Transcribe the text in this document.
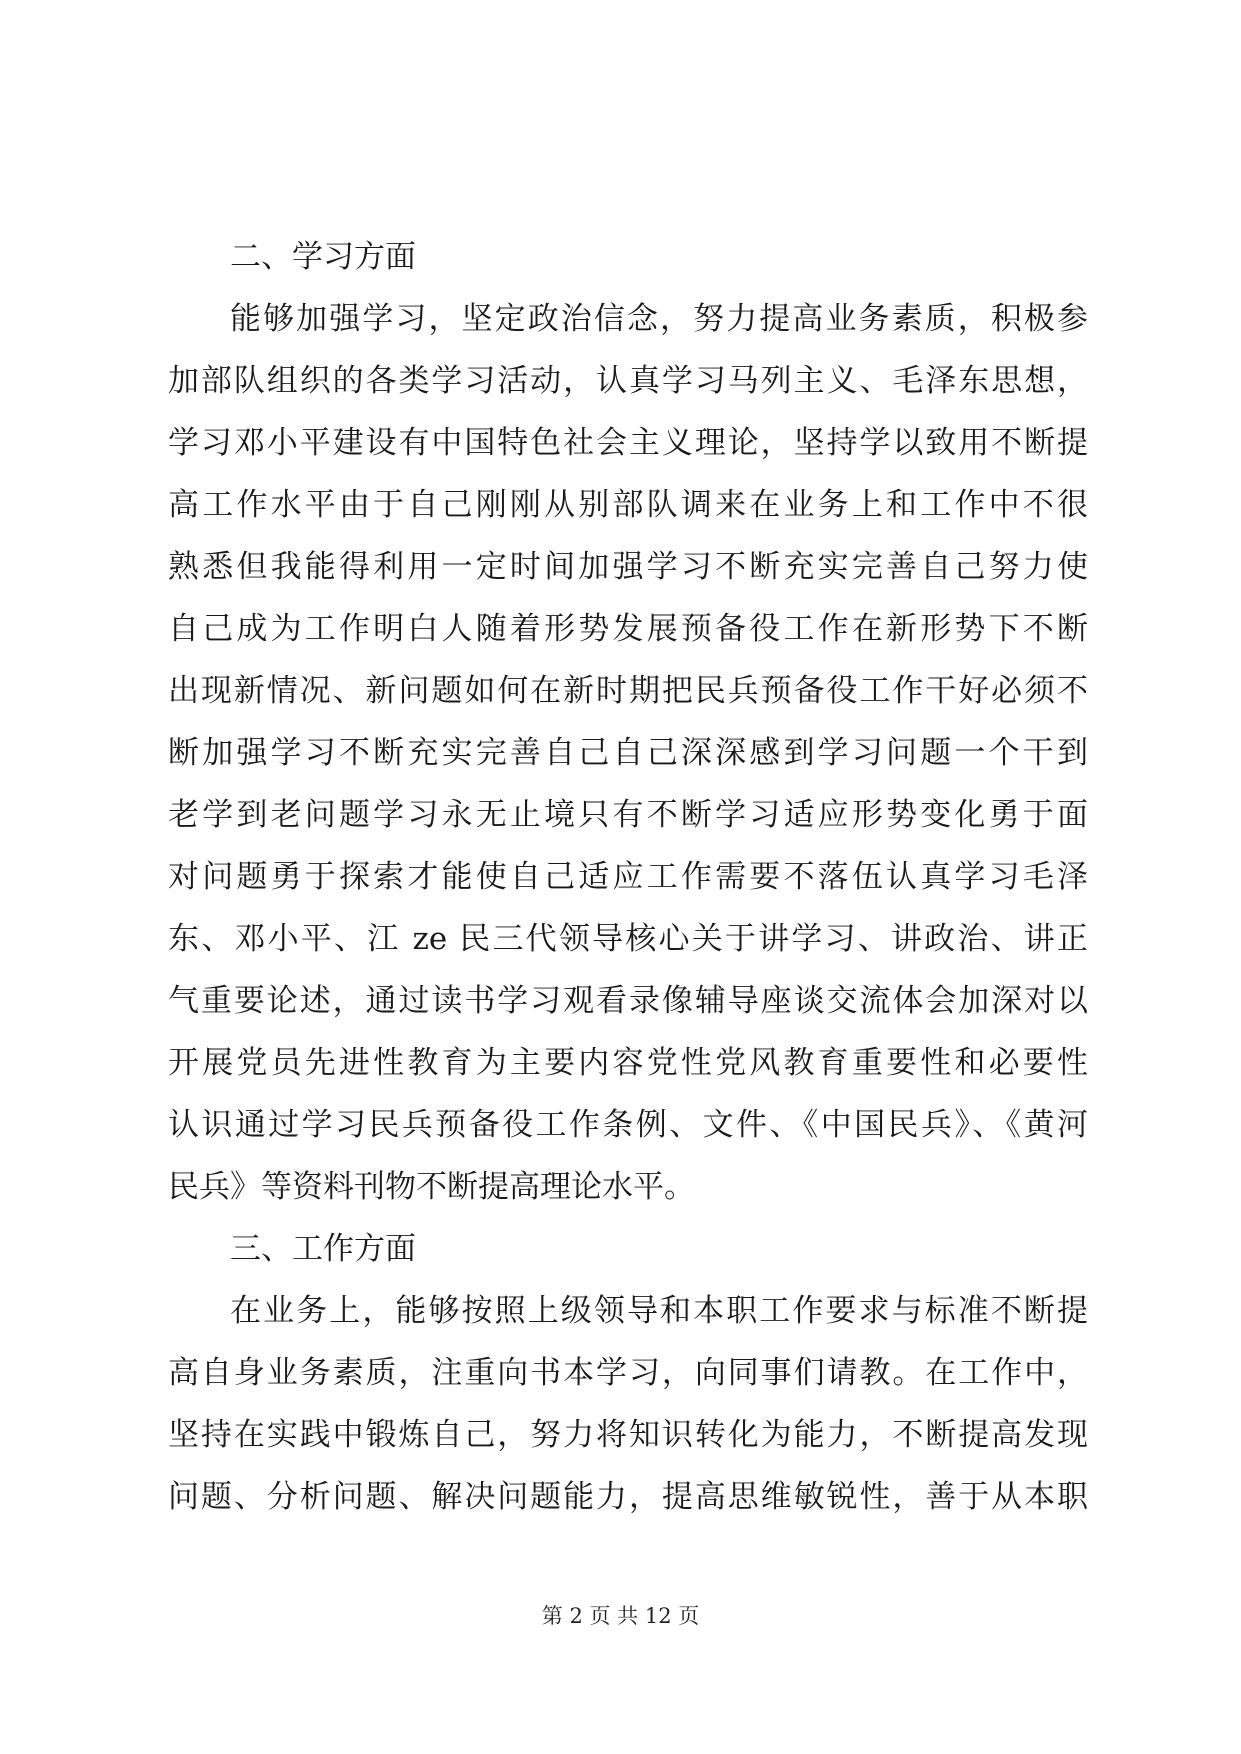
二、学习方面
能够加强学习，坚定政治信念，努力提高业务素质，积极参
加部队组织的各类学习活动，认真学习马列主义、毛泽东思想，
学习邓小平建设有中国特色社会主义理论，坚持学以致用不断提
高工作水平由于自己刚刚从别部队调来在业务上和工作中不很
熟悉但我能得利用一定时间加强学习不断充实完善自己努力使
自己成为工作明白人随着形势发展预备役工作在新形势下不断
出现新情况、新问题如何在新时期把民兵预备役工作干好必须不
断加强学习不断充实完善自己自己深深感到学习问题一个干到
老学到老问题学习永无止境只有不断学习适应形势变化勇于面
对问题勇于探索才能使自己适应工作需要不落伍认真学习毛泽
东、邓小平、江 ze 民三代领导核心关于讲学习、讲政治、讲正
气重要论述，通过读书学习观看录像辅导座谈交流体会加深对以
开展党员先进性教育为主要内容党性党风教育重要性和必要性
认识通过学习民兵预备役工作条例、文件、《中国民兵》、《黄河
民兵》等资料刊物不断提高理论水平。
三、工作方面
在业务上，能够按照上级领导和本职工作要求与标准不断提
高自身业务素质，注重向书本学习，向同事们请教。在工作中，
坚持在实践中锻炼自己，努力将知识转化为能力，不断提高发现
问题、分析问题、解决问题能力，提高思维敏锐性，善于从本职
第 2 页 共 12 页
